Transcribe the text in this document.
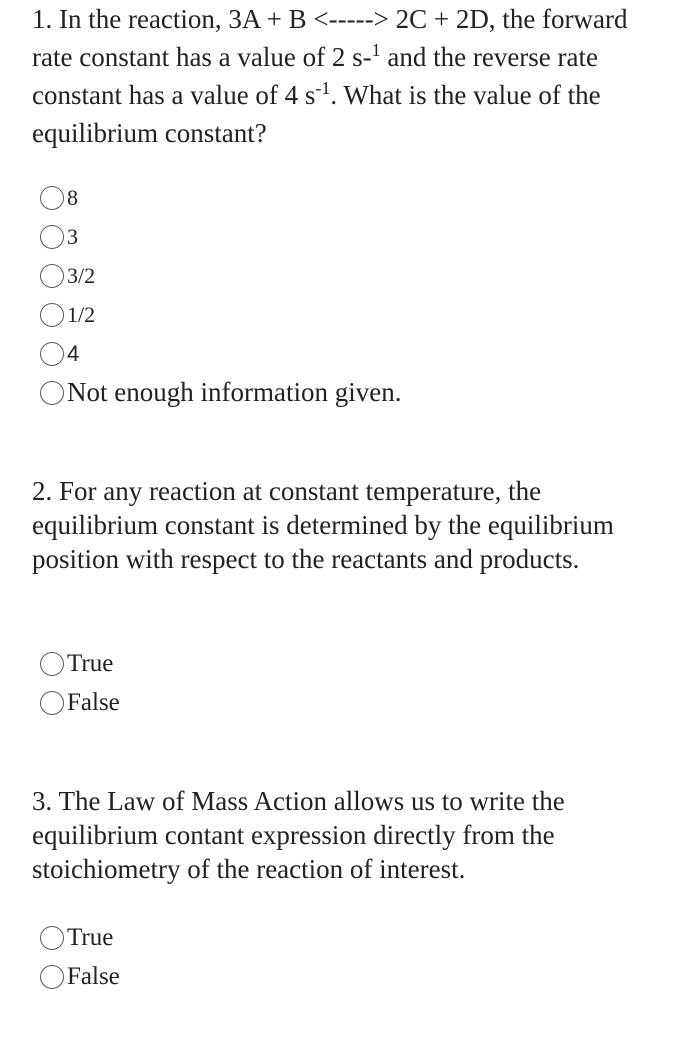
1. In the reaction, 3A + B <-----> 2C + 2D, the forward rate constant has a value of 2 s-$^1$ and the reverse rate constant has a value of 4 $s^{-1}$. What is the value of the equilibrium constant?

8
3
3/2
1/2
4
Not enough information given.

2. For any reaction at constant temperature, the equilibrium constant is determined by the equilibrium position with respect to the reactants and products.

True
False

3. The Law of Mass Action allows us to write the equilibrium contant expression directly from the stoichiometry of the reaction of interest.

True
False
